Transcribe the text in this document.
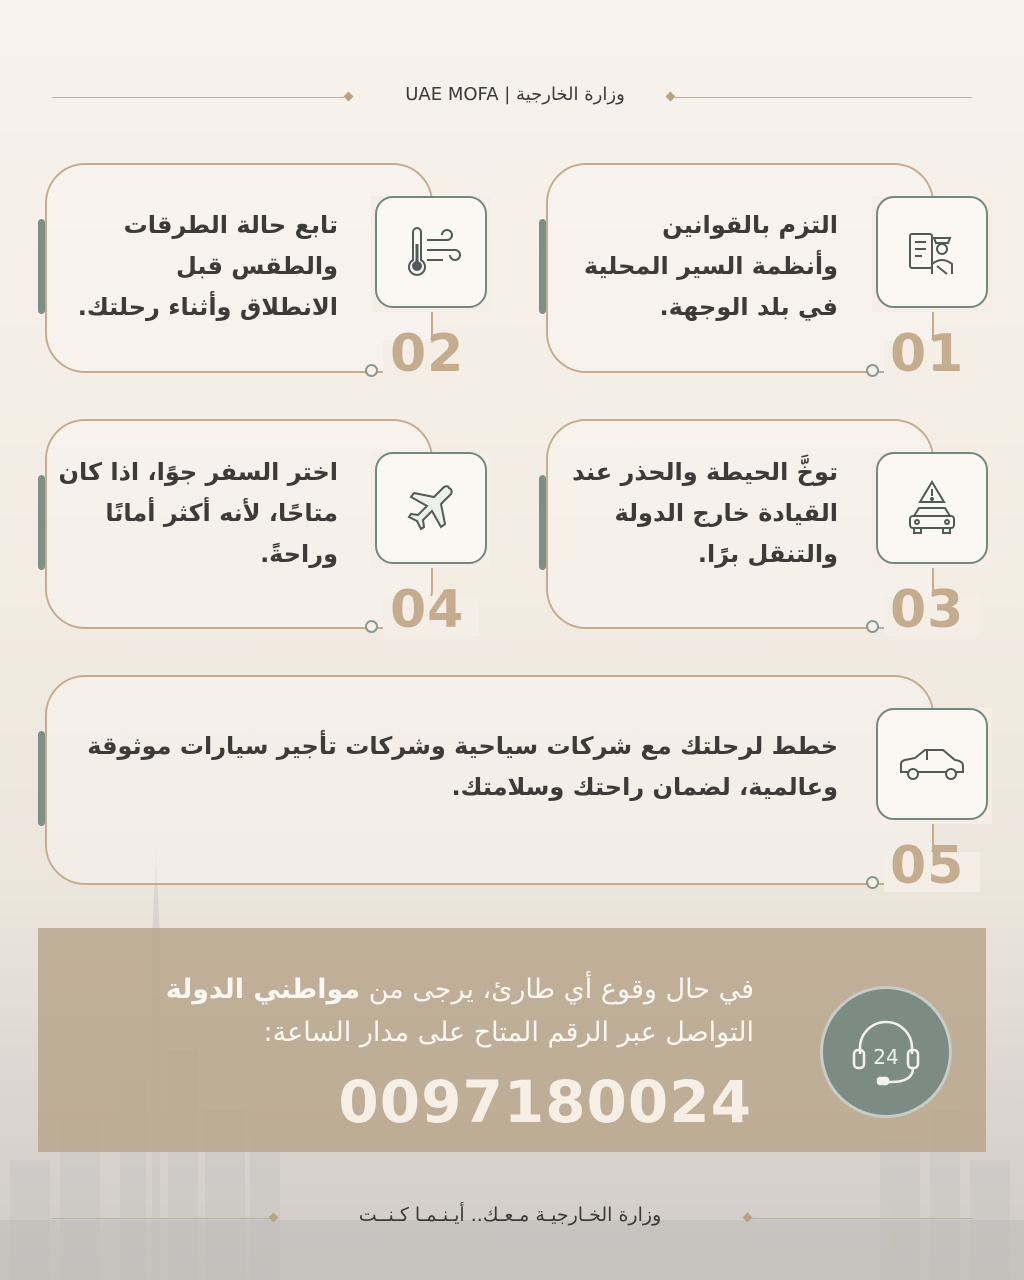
وزارة الخارجية | UAE MOFA
01
التزم بالقوانين
وأنظمة السير المحلية
في بلد الوجهة.
02
تابع حالة الطرقات
والطقس قبل
الانطلاق وأثناء رحلتك.
03
توخَّ الحيطة والحذر عند
القيادة خارج الدولة
والتنقل برًا.
04
اختر السفر جوًا، اذا كان
متاحًا، لأنه أكثر أمانًا
وراحةً.
05
خطط لرحلتك مع شركات سياحية وشركات تأجير سيارات موثوقة
وعالمية، لضمان راحتك وسلامتك.
في حال وقوع أي طارئ، يرجى من مواطني الدولة
التواصل عبر الرقم المتاح على مدار الساعة:
0097180024
24
وزارة الخـارجيـة مـعـك.. أيـنـمـا كـنــت
